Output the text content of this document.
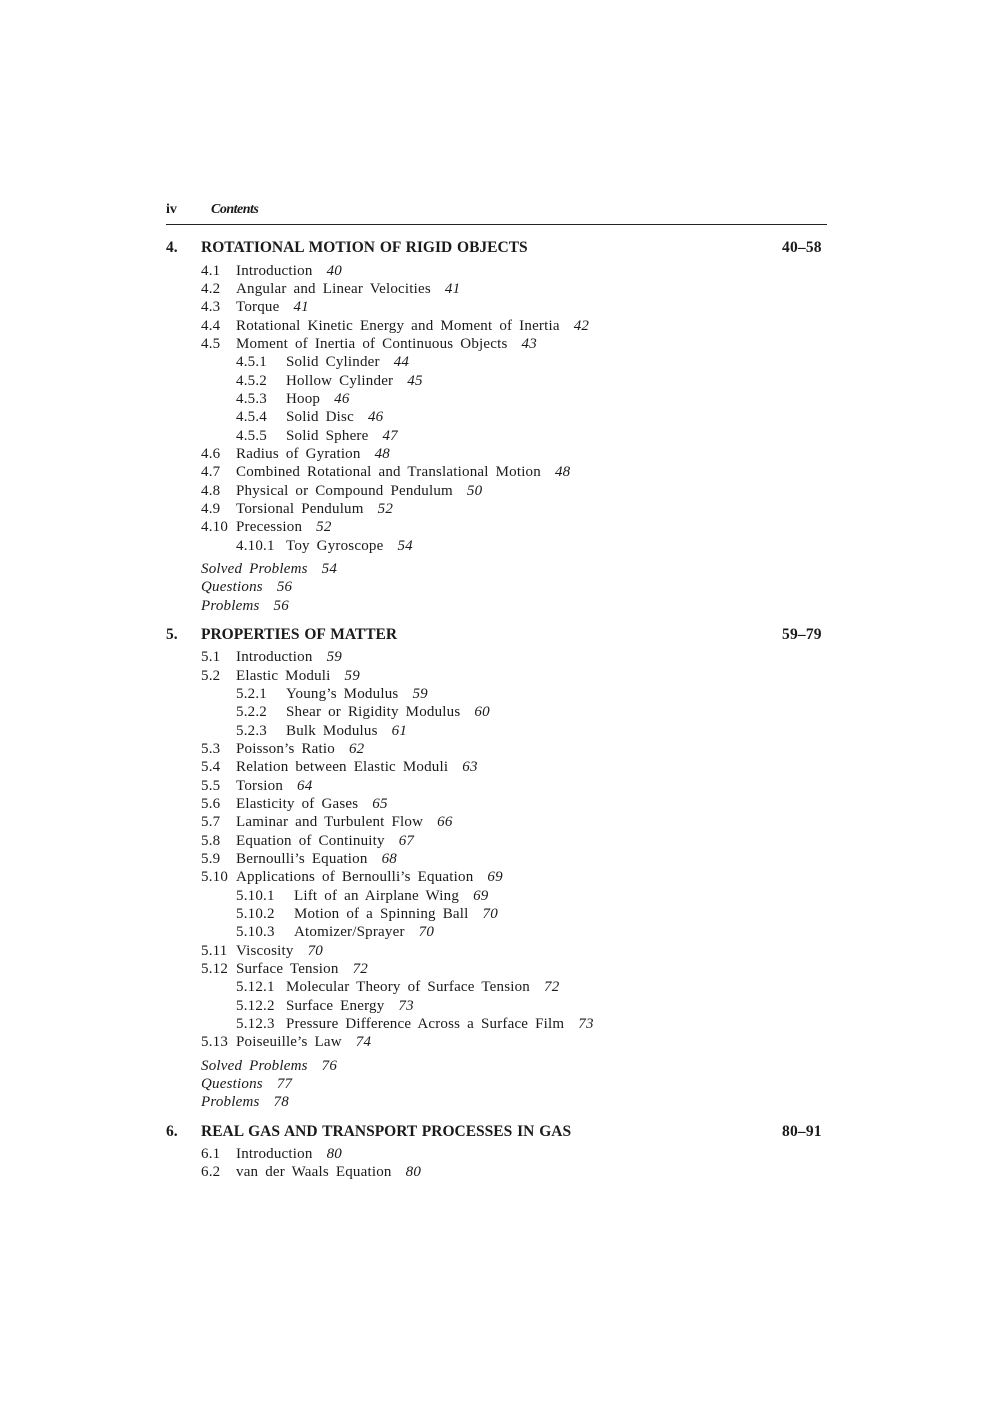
iv Contents
4. ROTATIONAL MOTION OF RIGID OBJECTS	40–58
4.1 Introduction 40
4.2 Angular and Linear Velocities 41
4.3 Torque 41
4.4 Rotational Kinetic Energy and Moment of Inertia 42
4.5 Moment of Inertia of Continuous Objects 43
4.5.1 Solid Cylinder 44
4.5.2 Hollow Cylinder 45
4.5.3 Hoop 46
4.5.4 Solid Disc 46
4.5.5 Solid Sphere 47
4.6 Radius of Gyration 48
4.7 Combined Rotational and Translational Motion 48
4.8 Physical or Compound Pendulum 50
4.9 Torsional Pendulum 52
4.10 Precession 52
4.10.1 Toy Gyroscope 54
Solved Problems 54
Questions 56
Problems 56
5. PROPERTIES OF MATTER	59–79
5.1 Introduction 59
5.2 Elastic Moduli 59
5.2.1 Young’s Modulus 59
5.2.2 Shear or Rigidity Modulus 60
5.2.3 Bulk Modulus 61
5.3 Poisson’s Ratio 62
5.4 Relation between Elastic Moduli 63
5.5 Torsion 64
5.6 Elasticity of Gases 65
5.7 Laminar and Turbulent Flow 66
5.8 Equation of Continuity 67
5.9 Bernoulli’s Equation 68
5.10 Applications of Bernoulli’s Equation 69
5.10.1 Lift of an Airplane Wing 69
5.10.2 Motion of a Spinning Ball 70
5.10.3 Atomizer/Sprayer 70
5.11 Viscosity 70
5.12 Surface Tension 72
5.12.1 Molecular Theory of Surface Tension 72
5.12.2 Surface Energy 73
5.12.3 Pressure Difference Across a Surface Film 73
5.13 Poiseuille’s Law 74
Solved Problems 76
Questions 77
Problems 78
6. REAL GAS AND TRANSPORT PROCESSES IN GAS	80–91
6.1 Introduction 80
6.2 van der Waals Equation 80
